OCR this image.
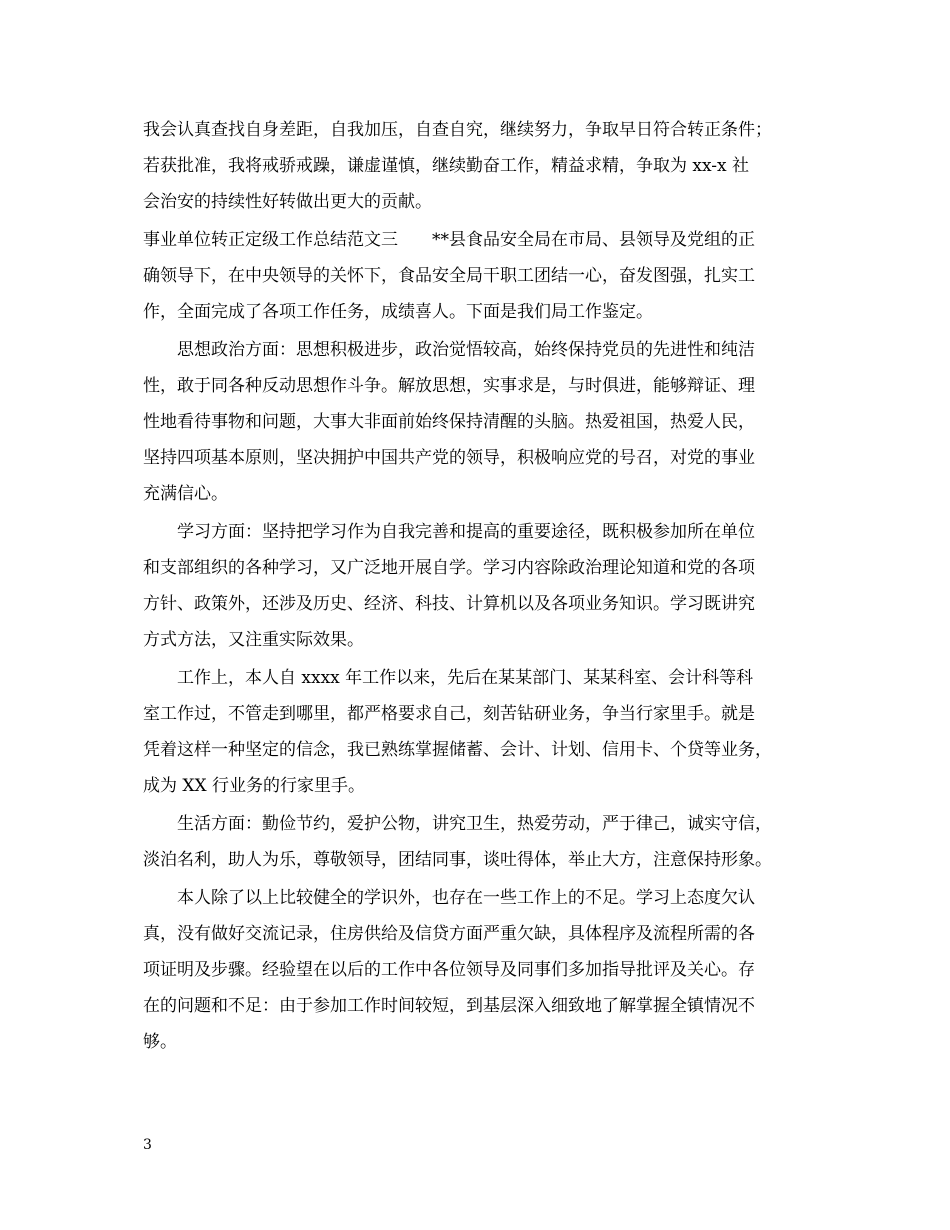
我会认真查找自身差距，自我加压，自查自究，继续努力，争取早日符合转正条件；
若获批准，我将戒骄戒躁，谦虚谨慎，继续勤奋工作，精益求精，争取为 xx-x 社
会治安的持续性好转做出更大的贡献。
事业单位转正定级工作总结范文三　　**县食品安全局在市局、县领导及党组的正
确领导下，在中央领导的关怀下，食品安全局干职工团结一心，奋发图强，扎实工
作，全面完成了各项工作任务，成绩喜人。下面是我们局工作鉴定。
　　思想政治方面：思想积极进步，政治觉悟较高，始终保持党员的先进性和纯洁
性，敢于同各种反动思想作斗争。解放思想，实事求是，与时俱进，能够辩证、理
性地看待事物和问题，大事大非面前始终保持清醒的头脑。热爱祖国，热爱人民，
坚持四项基本原则，坚决拥护中国共产党的领导，积极响应党的号召，对党的事业
充满信心。
　　学习方面：坚持把学习作为自我完善和提高的重要途径，既积极参加所在单位
和支部组织的各种学习，又广泛地开展自学。学习内容除政治理论知道和党的各项
方针、政策外，还涉及历史、经济、科技、计算机以及各项业务知识。学习既讲究
方式方法，又注重实际效果。
　　工作上，本人自 xxxx 年工作以来，先后在某某部门、某某科室、会计科等科
室工作过，不管走到哪里，都严格要求自己，刻苦钻研业务，争当行家里手。就是
凭着这样一种坚定的信念，我已熟练掌握储蓄、会计、计划、信用卡、个贷等业务，
成为 XX 行业务的行家里手。
　　生活方面：勤俭节约，爱护公物，讲究卫生，热爱劳动，严于律己，诚实守信，
淡泊名利，助人为乐，尊敬领导，团结同事，谈吐得体，举止大方，注意保持形象。
　　本人除了以上比较健全的学识外，也存在一些工作上的不足。学习上态度欠认
真，没有做好交流记录，住房供给及信贷方面严重欠缺，具体程序及流程所需的各
项证明及步骤。经验望在以后的工作中各位领导及同事们多加指导批评及关心。存
在的问题和不足：由于参加工作时间较短，到基层深入细致地了解掌握全镇情况不
够。
3
